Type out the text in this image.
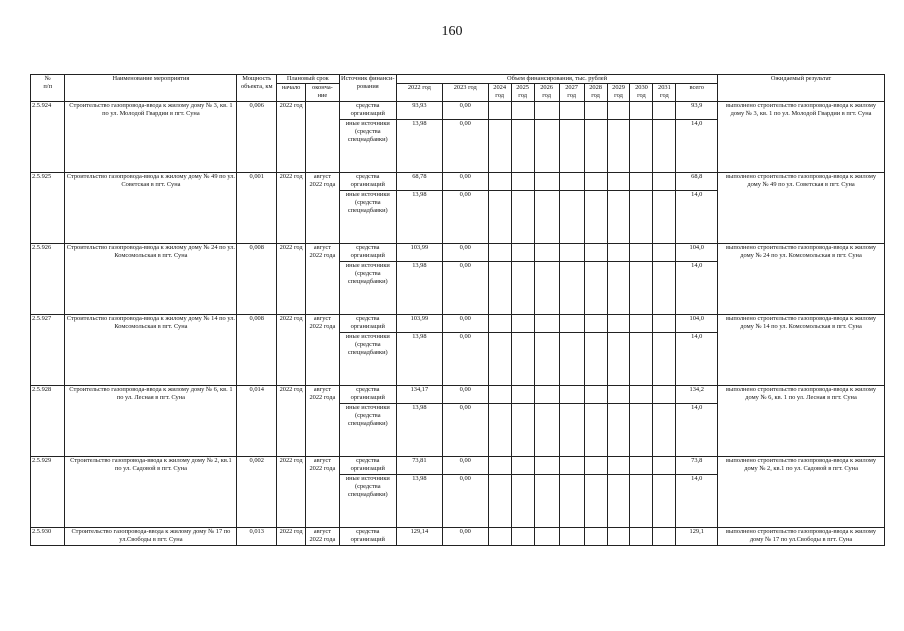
160
№
п/п	Наименование мероприятия	Мощность объекта, км	Плановый срок		Источник финанси-рования	Объем финансирования, тыс. рублей											Ожидаемый результат
			начало	оконча-ние		2022 год	2023 год	2024 год	2025 год	2026 год	2027 год	2028 год	2029 год	2030 год	2031 год	всего	
2.5.924	Строительство газопровода-ввода к жилому дому № 3, кв. 1 по ул. Молодой Гвардии в пгт. Суна	0,006	2022 год		средства организаций	93,93	0,00									93,9	выполнено строительство газопровода-ввода к жилому дому № 3, кв. 1 по ул. Молодой Гвардии в пгт. Суна
					иные источники (средства спецнадбавки)	13,98	0,00									14,0	
2.5.925	Строительство газопровода-ввода к жилому дому № 49 по ул. Советская в пгт. Суна	0,001	2022 год	август 2022 года	средства организаций	68,78	0,00									68,8	выполнено строительство газопровода-ввода к жилому дому № 49 по ул. Советская в пгт. Суна
					иные источники (средства спецнадбавки)	13,98	0,00									14,0	
2.5.926	Строительство газопровода-ввода к жилому дому № 24 по ул. Комсомольская в пгт. Суна	0,008	2022 год	август 2022 года	средства организаций	103,99	0,00									104,0	выполнено строительство газопровода-ввода к жилому дому № 24 по ул. Комсомольская в пгт. Суна
					иные источники (средства спецнадбавки)	13,98	0,00									14,0	
2.5.927	Строительство газопровода-ввода к жилому дому № 14 по ул. Комсомольская в пгт. Суна	0,008	2022 год	август 2022 года	средства организаций	103,99	0,00									104,0	выполнено строительство газопровода-ввода к жилому дому № 14 по ул. Комсомольская в пгт. Суна
					иные источники (средства спецнадбавки)	13,98	0,00									14,0	
2.5.928	Строительство газопровода-ввода к жилому дому № 6, кв. 1 по ул. Лесная в пгт. Суна	0,014	2022 год	август 2022 года	средства организаций	134,17	0,00									134,2	выполнено строительство газопровода-ввода к жилому дому № 6, кв. 1 по ул. Лесная в пгт. Суна
					иные источники (средства спецнадбавки)	13,98	0,00									14,0	
2.5.929	Строительство газопровода-ввода к жилому дому № 2, кв.1 по ул. Садовой в пгт. Суна	0,002	2022 год	август 2022 года	средства организаций	73,81	0,00									73,8	выполнено строительство газопровода-ввода к жилому дому № 2, кв.1 по ул. Садовой в пгт. Суна
					иные источники (средства спецнадбавки)	13,98	0,00									14,0	
2.5.930	Строительство газопровода-ввода к жилому дому № 17 по ул.Свободы в пгт. Суна	0,013	2022 год	август 2022 года	средства организаций	129,14	0,00									129,1	выполнено строительство газопровода-ввода к жилому дому № 17 по ул.Свободы в пгт. Суна
